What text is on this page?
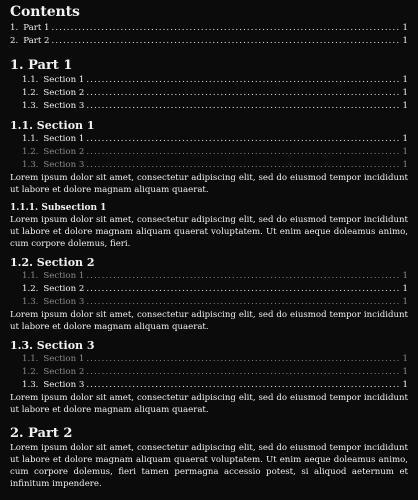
Contents
1. Part 1 .....	1
2. Part 2 .....	1
1. Part 1
1.1. Section 1 .....	1
1.2. Section 2 .....	1
1.3. Section 3 .....	1
1.1. Section 1
1.1. Section 1 .....	1
1.2. Section 2 .....	1
1.3. Section 3 .....	1

Lorem ipsum dolor sit amet, consectetur adipiscing elit, sed do eiusmod tempor incididunt ut labore et dolore magnam aliquam quaerat.

1.1.1. Subsection 1

Lorem ipsum dolor sit amet, consectetur adipiscing elit, sed do eiusmod tempor incididunt ut labore et dolore magnam aliquam quaerat voluptatem. Ut enim aeque doleamus animo, cum corpore dolemus, fieri.

1.2. Section 2
1.1. Section 1 .....	1
1.2. Section 2 .....	1
1.3. Section 3 .....	1

Lorem ipsum dolor sit amet, consectetur adipiscing elit, sed do eiusmod tempor incididunt ut labore et dolore magnam aliquam quaerat.

1.3. Section 3
1.1. Section 1 .....	1
1.2. Section 2 .....	1
1.3. Section 3 .....	1

Lorem ipsum dolor sit amet, consectetur adipiscing elit, sed do eiusmod tempor incididunt ut labore et dolore magnam aliquam quaerat.

2. Part 2

Lorem ipsum dolor sit amet, consectetur adipiscing elit, sed do eiusmod tempor incididunt ut labore et dolore magnam aliquam quaerat voluptatem. Ut enim aeque doleamus animo, cum corpore dolemus, fieri tamen permagna accessio potest, si aliquod aeternum et infinitum impendere.
